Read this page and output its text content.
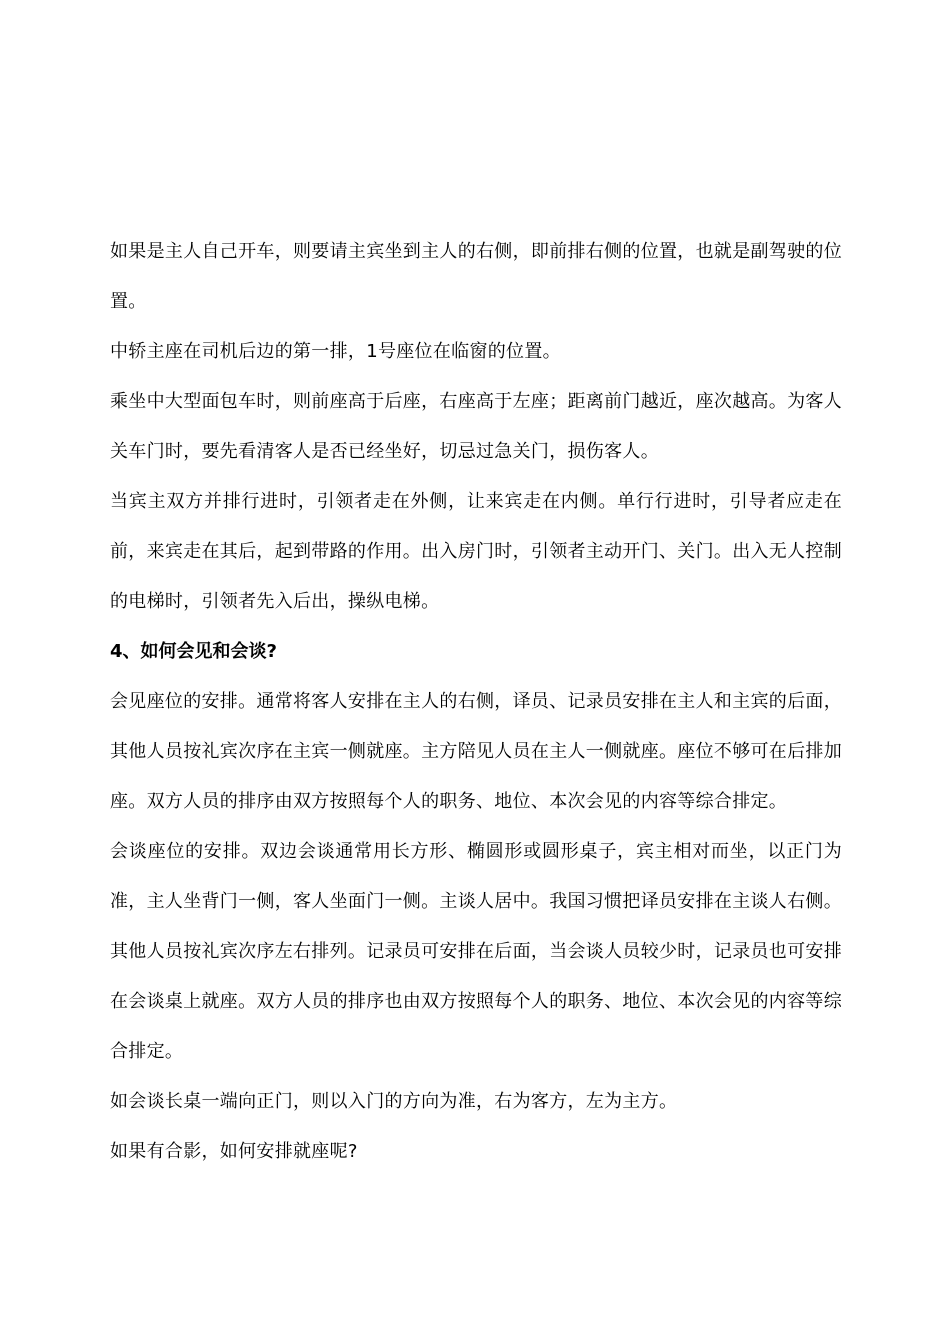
如果是主人自己开车，则要请主宾坐到主人的右侧，即前排右侧的位置，也就是副驾驶的位置。

中轿主座在司机后边的第一排，1号座位在临窗的位置。

乘坐中大型面包车时，则前座高于后座，右座高于左座；距离前门越近，座次越高。为客人关车门时，要先看清客人是否已经坐好，切忌过急关门，损伤客人。

当宾主双方并排行进时，引领者走在外侧，让来宾走在内侧。单行行进时，引导者应走在前，来宾走在其后，起到带路的作用。出入房门时，引领者主动开门、关门。出入无人控制的电梯时，引领者先入后出，操纵电梯。

4、如何会见和会谈?

会见座位的安排。通常将客人安排在主人的右侧，译员、记录员安排在主人和主宾的后面，其他人员按礼宾次序在主宾一侧就座。主方陪见人员在主人一侧就座。座位不够可在后排加座。双方人员的排序由双方按照每个人的职务、地位、本次会见的内容等综合排定。

会谈座位的安排。双边会谈通常用长方形、椭圆形或圆形桌子，宾主相对而坐，以正门为准，主人坐背门一侧，客人坐面门一侧。主谈人居中。我国习惯把译员安排在主谈人右侧。其他人员按礼宾次序左右排列。记录员可安排在后面，当会谈人员较少时，记录员也可安排在会谈桌上就座。双方人员的排序也由双方按照每个人的职务、地位、本次会见的内容等综合排定。

如会谈长桌一端向正门，则以入门的方向为准，右为客方，左为主方。

如果有合影，如何安排就座呢?
